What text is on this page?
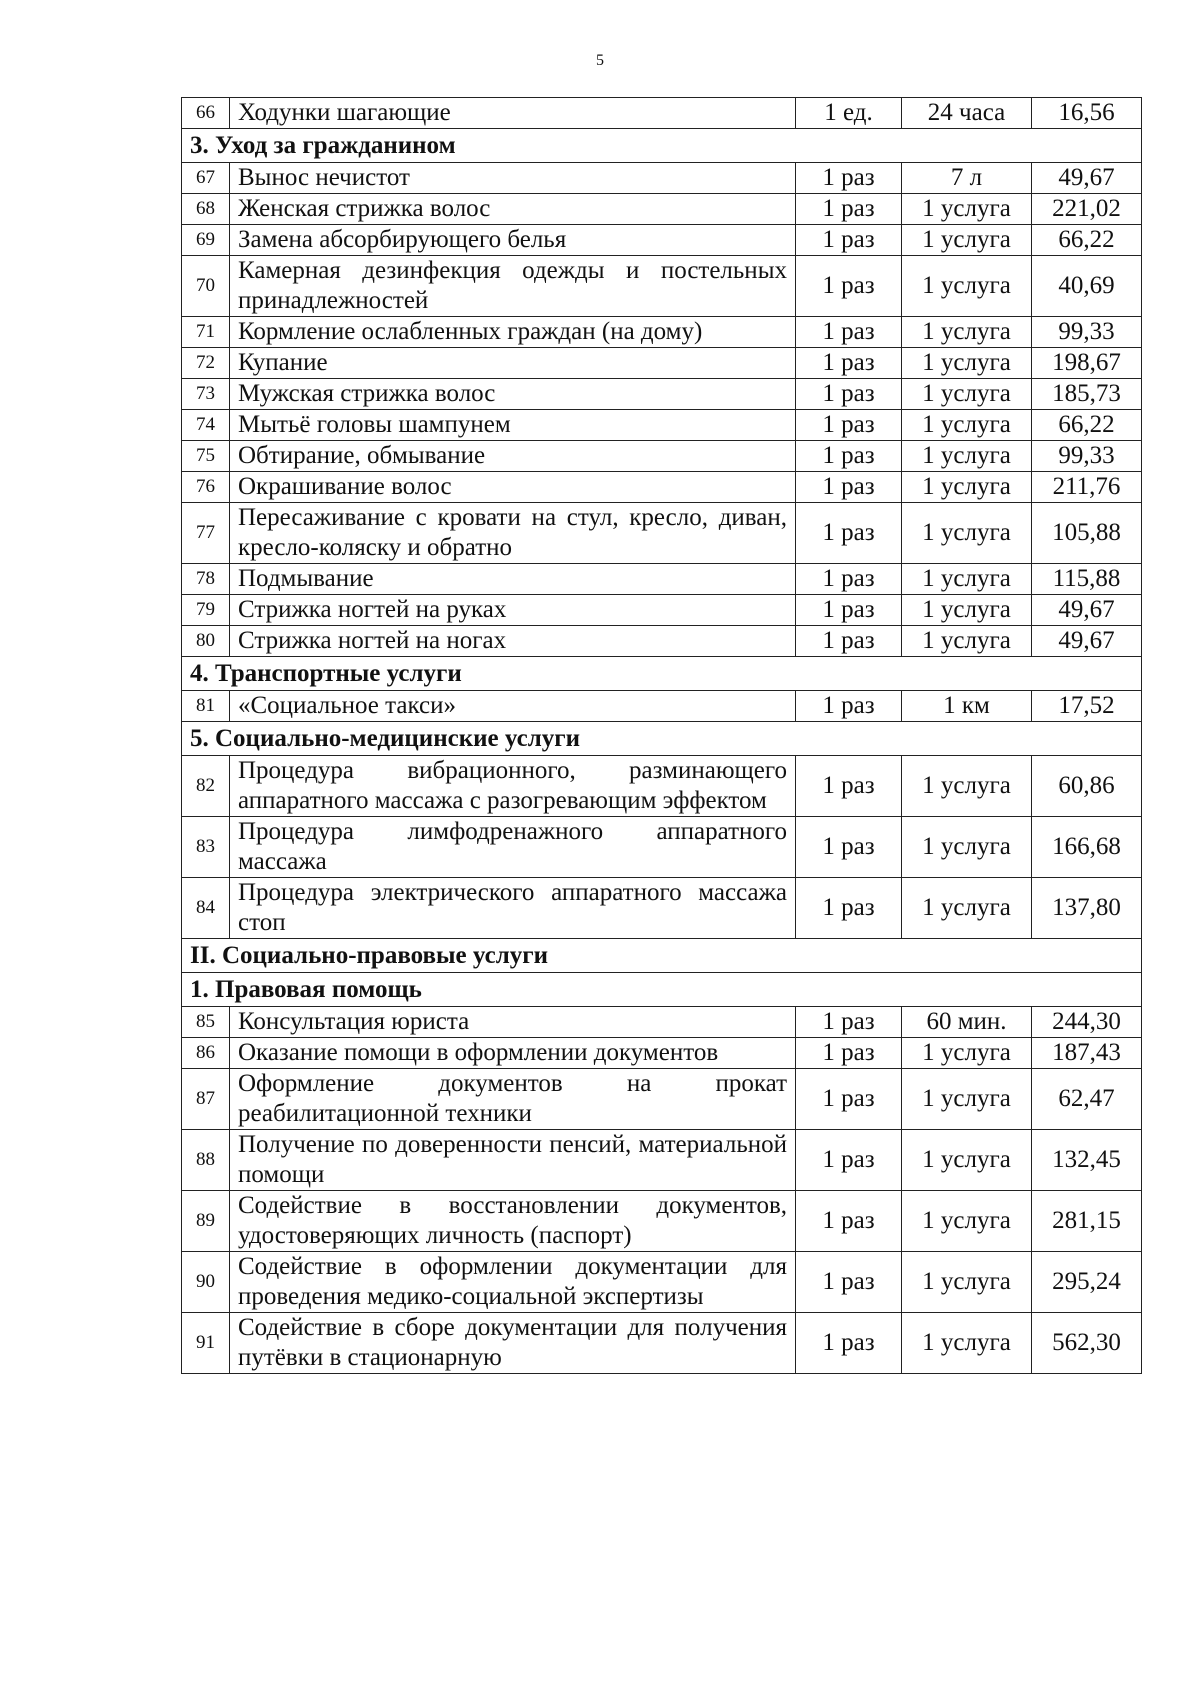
5
66	Ходунки шагающие	1 ед.	24 часа	16,56
3. Уход за гражданином				
67	Вынос нечистот	1 раз	7 л	49,67
68	Женская стрижка волос	1 раз	1 услуга	221,02
69	Замена абсорбирующего белья	1 раз	1 услуга	66,22
70	Камерная дезинфекция одежды и постельных принадлежностей	1 раз	1 услуга	40,69
71	Кормление ослабленных граждан (на дому)	1 раз	1 услуга	99,33
72	Купание	1 раз	1 услуга	198,67
73	Мужская стрижка волос	1 раз	1 услуга	185,73
74	Мытьё головы шампунем	1 раз	1 услуга	66,22
75	Обтирание, обмывание	1 раз	1 услуга	99,33
76	Окрашивание волос	1 раз	1 услуга	211,76
77	Пересаживание с кровати на стул, кресло, диван, кресло-коляску и обратно	1 раз	1 услуга	105,88
78	Подмывание	1 раз	1 услуга	115,88
79	Стрижка ногтей на руках	1 раз	1 услуга	49,67
80	Стрижка ногтей на ногах	1 раз	1 услуга	49,67
4. Транспортные услуги				
81	«Социальное такси»	1 раз	1 км	17,52
5. Социально-медицинские услуги				
82	Процедура вибрационного, разминающего аппаратного массажа с разогревающим эффектом	1 раз	1 услуга	60,86
83	Процедура лимфодренажного аппаратного массажа	1 раз	1 услуга	166,68
84	Процедура электрического аппаратного массажа стоп	1 раз	1 услуга	137,80
II. Социально-правовые услуги				
1. Правовая помощь				
85	Консультация юриста	1 раз	60 мин.	244,30
86	Оказание помощи в оформлении документов	1 раз	1 услуга	187,43
87	Оформление документов на прокат реабилитационной техники	1 раз	1 услуга	62,47
88	Получение по доверенности пенсий, материальной помощи	1 раз	1 услуга	132,45
89	Содействие в восстановлении документов, удостоверяющих личность (паспорт)	1 раз	1 услуга	281,15
90	Содействие в оформлении документации для проведения медико-социальной экспертизы	1 раз	1 услуга	295,24
91	Содействие в сборе документации для получения путёвки в стационарную	1 раз	1 услуга	562,30
